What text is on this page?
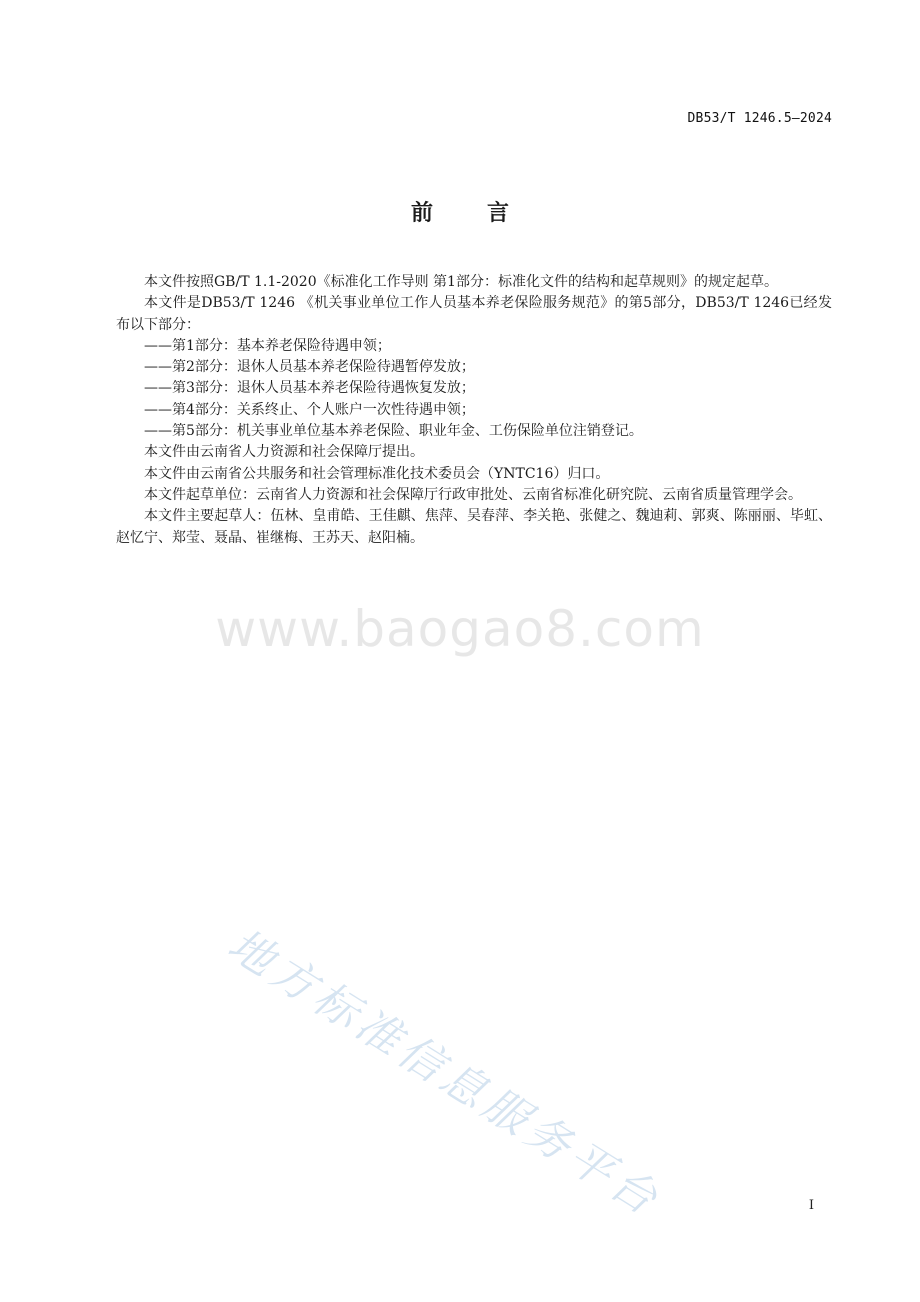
DB53/T 1246.5—2024
前言

本文件按照GB/T 1.1-2020《标准化工作导则 第1部分：标准化文件的结构和起草规则》的规定起草。

本文件是DB53/T 1246 《机关事业单位工作人员基本养老保险服务规范》的第5部分，DB53/T 1246已经发布以下部分：

——第1部分：基本养老保险待遇申领；

——第2部分：退休人员基本养老保险待遇暂停发放；

——第3部分：退休人员基本养老保险待遇恢复发放；

——第4部分：关系终止、个人账户一次性待遇申领；

——第5部分：机关事业单位基本养老保险、职业年金、工伤保险单位注销登记。

本文件由云南省人力资源和社会保障厅提出。

本文件由云南省公共服务和社会管理标准化技术委员会（YNTC16）归口。

本文件起草单位：云南省人力资源和社会保障厅行政审批处、云南省标准化研究院、云南省质量管理学会。

本文件主要起草人：伍林、皇甫皓、王佳麒、焦萍、吴春萍、李关艳、张健之、魏迪莉、郭爽、陈丽丽、毕虹、赵忆宁、郑莹、聂晶、崔继梅、王苏天、赵阳楠。

www.baogao8.com
地方标准信息服务平台	I
